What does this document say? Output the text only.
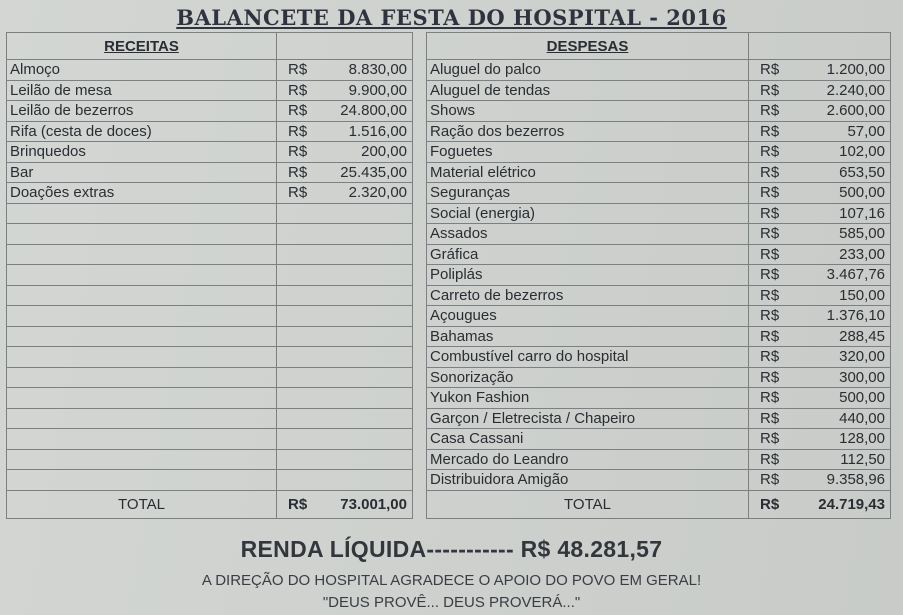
BALANCETE DA FESTA DO HOSPITAL - 2016
RECEITAS	
Almoço	R$ 8.830,00

Leilão de mesa	R$ 9.900,00

Leilão de bezerros	R$ 24.800,00

Rifa (cesta de doces)	R$ 1.516,00

Brinquedos	R$ 200,00

Bar	R$ 25.435,00

Doações extras	R$ 2.320,00

TOTAL	R$ 73.001,00
DESPESAS	
Aluguel do palco	R$ 1.200,00

Aluguel de tendas	R$ 2.240,00

Shows	R$ 2.600,00

Ração dos bezerros	R$ 57,00

Foguetes	R$ 102,00

Material elétrico	R$ 653,50

Seguranças	R$ 500,00

Social (energia)	R$ 107,16

Assados	R$ 585,00

Gráfica	R$ 233,00

Poliplás	R$ 3.467,76

Carreto de bezerros	R$ 150,00

Açougues	R$ 1.376,10

Bahamas	R$ 288,45

Combustível carro do hospital	R$ 320,00

Sonorização	R$ 300,00

Yukon Fashion	R$ 500,00

Garçon / Eletrecista / Chapeiro	R$ 440,00

Casa Cassani	R$ 128,00

Mercado do Leandro	R$ 112,50

Distribuidora Amigão	R$ 9.358,96

TOTAL	R$ 24.719,43
RENDA LÍQUIDA----------- R$ 48.281,57
A DIREÇÃO DO HOSPITAL AGRADECE O APOIO DO POVO EM GERAL!
"DEUS PROVÊ... DEUS PROVERÁ..."
